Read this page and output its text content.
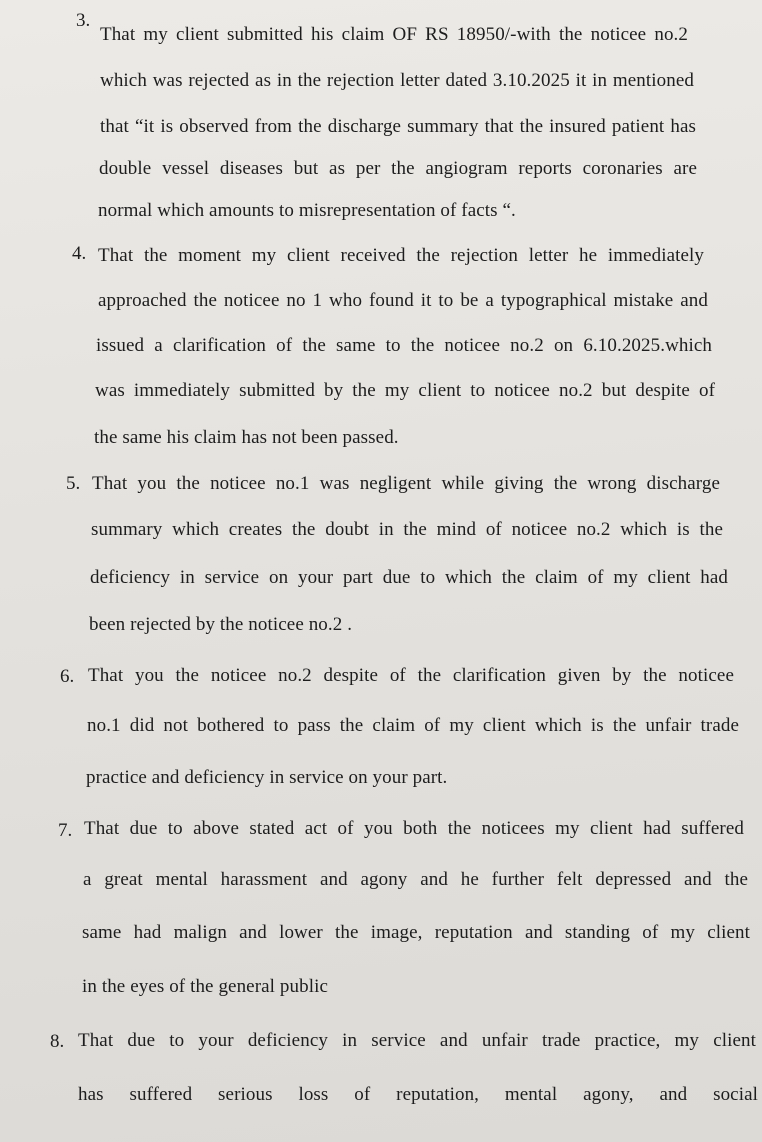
3.
That my client submitted his claim OF RS 18950/-with the noticee no.2
which was rejected as in the rejection letter dated 3.10.2025 it in mentioned
that “it is observed from the discharge summary that the insured patient has
double vessel diseases but as per the angiogram reports coronaries are
normal which amounts to misrepresentation of facts “.
4. That the moment my client received the rejection letter he immediately
approached the noticee no 1 who found it to be a typographical mistake and
issued a clarification of the same to the noticee no.2 on 6.10.2025.which
was immediately submitted by the my client to noticee no.2 but despite of
the same his claim has not been passed.
5. That you the noticee no.1 was negligent while giving the wrong discharge
summary which creates the doubt in the mind of noticee no.2 which is the
deficiency in service on your part due to which the claim of my client had
been rejected by the noticee no.2 .
6. That you the noticee no.2 despite of the clarification given by the noticee
no.1 did not bothered to pass the claim of my client which is the unfair trade
practice and deficiency in service on your part.
7. That due to above stated act of you both the noticees my client had suffered
a great mental harassment and agony and he further felt depressed and the
same had malign and lower the image, reputation and standing of my client
in the eyes of the general public
8. That due to your deficiency in service and unfair trade practice, my client
has suffered serious loss of reputation, mental agony, and social
